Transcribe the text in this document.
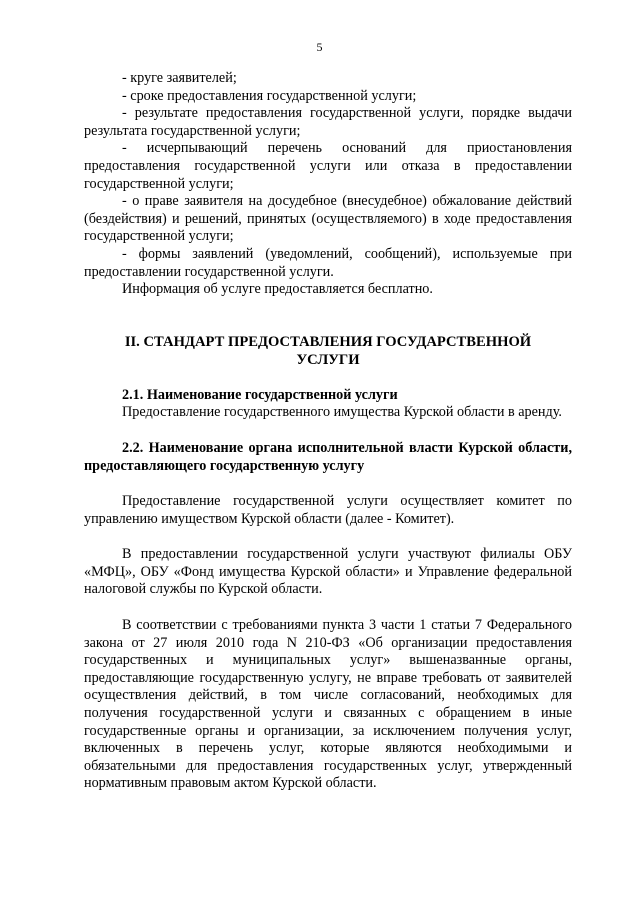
5

- круге заявителей;

- сроке предоставления государственной услуги;

- результате предоставления государственной услуги, порядке выдачи результата государственной услуги;

- исчерпывающий перечень оснований для приостановления предоставления государственной услуги или отказа в предоставлении государственной услуги;

- о праве заявителя на досудебное (внесудебное) обжалование действий (бездействия) и решений, принятых (осуществляемого) в ходе предоставления государственной услуги;

- формы заявлений (уведомлений, сообщений), используемые при предоставлении государственной услуги.

Информация об услуге предоставляется бесплатно.

II. СТАНДАРТ ПРЕДОСТАВЛЕНИЯ ГОСУДАРСТВЕННОЙ УСЛУГИ

2.1. Наименование государственной услуги

Предоставление государственного имущества Курской области в аренду.

2.2. Наименование органа исполнительной власти Курской области, предоставляющего государственную услугу

Предоставление государственной услуги осуществляет комитет по управлению имуществом Курской области (далее - Комитет).

В предоставлении государственной услуги участвуют филиалы ОБУ «МФЦ», ОБУ «Фонд имущества Курской области» и Управление федеральной налоговой службы по Курской области.

В соответствии с требованиями пункта 3 части 1 статьи 7 Федерального закона от 27 июля 2010 года N 210-ФЗ «Об организации предоставления государственных и муниципальных услуг» вышеназванные органы, предоставляющие государственную услугу, не вправе требовать от заявителей осуществления действий, в том числе согласований, необходимых для получения государственной услуги и связанных с обращением в иные государственные органы и организации, за исключением получения услуг, включенных в перечень услуг, которые являются необходимыми и обязательными для предоставления государственных услуг, утвержденный нормативным правовым актом Курской области.
